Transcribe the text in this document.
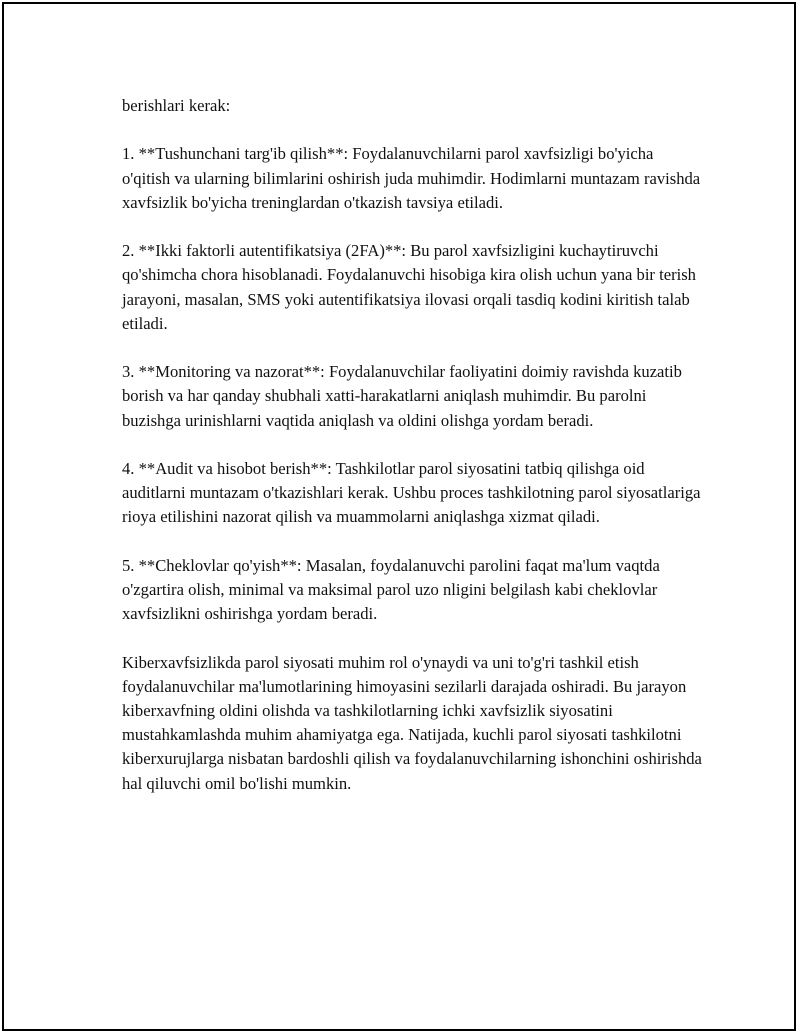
berishlari kerak:

1. **Tushunchani targ'ib qilish**: Foydalanuvchilarni parol xavfsizligi bo'yicha o'qitish va ularning bilimlarini oshirish juda muhimdir. Hodimlarni muntazam ravishda xavfsizlik bo'yicha treninglardan o'tkazish tavsiya etiladi.

2. **Ikki faktorli autentifikatsiya (2FA)**: Bu parol xavfsizligini kuchaytiruvchi qo'shimcha chora hisoblanadi. Foydalanuvchi hisobiga kira olish uchun yana bir terish jarayoni, masalan, SMS yoki autentifikatsiya ilovasi orqali tasdiq kodini kiritish talab etiladi.

3. **Monitoring va nazorat**: Foydalanuvchilar faoliyatini doimiy ravishda kuzatib borish va har qanday shubhali xatti-harakatlarni aniqlash muhimdir. Bu parolni buzishga urinishlarni vaqtida aniqlash va oldini olishga yordam beradi.

4. **Audit va hisobot berish**: Tashkilotlar parol siyosatini tatbiq qilishga oid auditlarni muntazam o'tkazishlari kerak. Ushbu proces tashkilotning parol siyosatlariga rioya etilishini nazorat qilish va muammolarni aniqlashga xizmat qiladi.

5. **Cheklovlar qo'yish**: Masalan, foydalanuvchi parolini faqat ma'lum vaqtda o'zgartira olish, minimal va maksimal parol uzo nligini belgilash kabi cheklovlar xavfsizlikni oshirishga yordam beradi.

Kiberxavfsizlikda parol siyosati muhim rol o'ynaydi va uni to'g'ri tashkil etish foydalanuvchilar ma'lumotlarining himoyasini sezilarli darajada oshiradi. Bu jarayon kiberxavfning oldini olishda va tashkilotlarning ichki xavfsizlik siyosatini mustahkamlashda muhim ahamiyatga ega. Natijada, kuchli parol siyosati tashkilotni kiberxurujlarga nisbatan bardoshli qilish va foydalanuvchilarning ishonchini oshirishda hal qiluvchi omil bo'lishi mumkin.
